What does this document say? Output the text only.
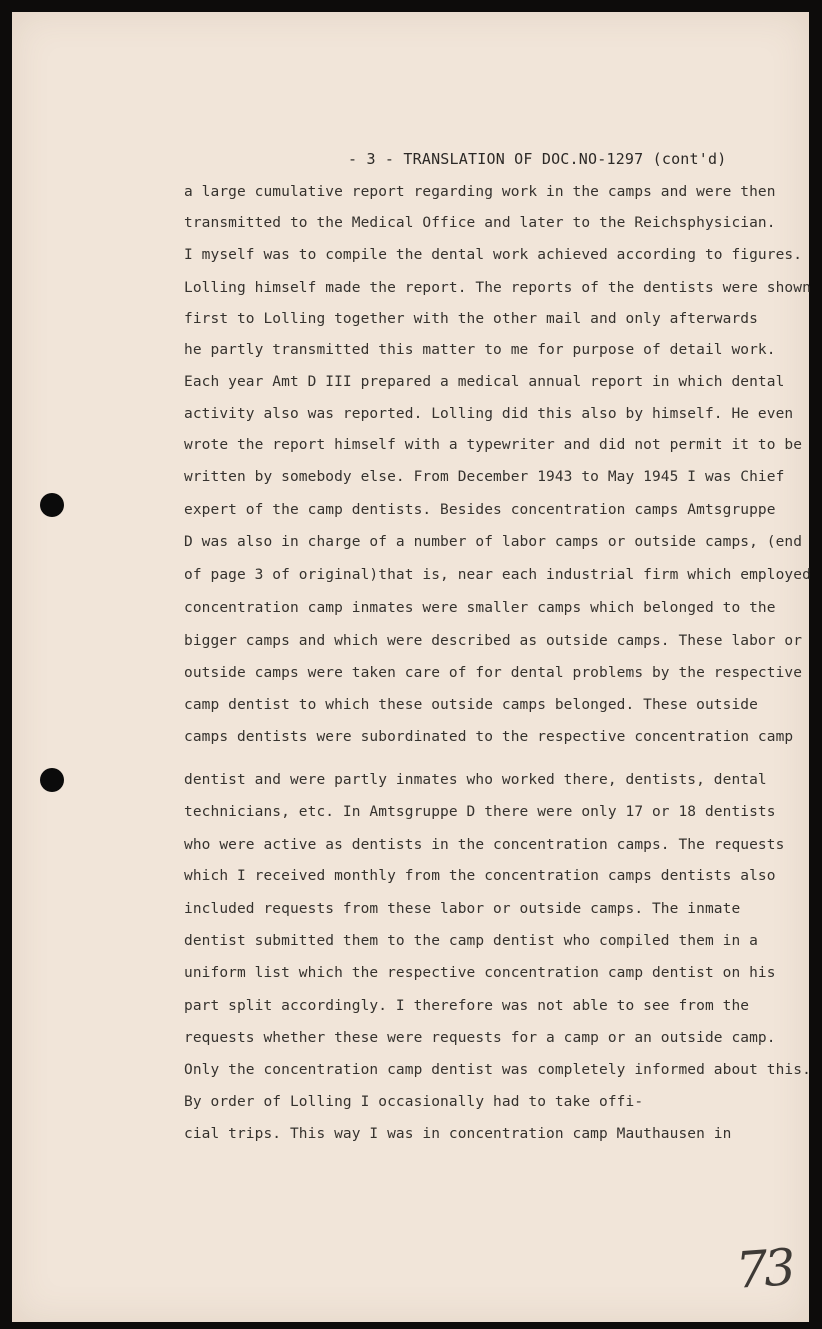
- 3 - TRANSLATION OF DOC.NO-1297 (cont'd)
a large cumulative report regarding work in the camps and were then
transmitted to the Medical Office and later to the Reichsphysician.
I myself was to compile the dental work achieved according to figures.
Lolling himself made the report. The reports of the dentists were shown
first to Lolling together with the other mail and only afterwards
he partly transmitted this matter to me for purpose of detail work.
Each year Amt D III prepared a medical annual report in which dental
activity also was reported. Lolling did this also by himself. He even
wrote the report himself with a typewriter and did not permit it to be
written by somebody else. From December 1943 to May 1945 I was Chief
expert of the camp dentists. Besides concentration camps Amtsgruppe
D was also in charge of a number of labor camps or outside camps, (end
of page 3 of original)that is, near each industrial firm which employed
concentration camp inmates were smaller camps which belonged to the
bigger camps and which were described as outside camps. These labor or
outside camps were taken care of for dental problems by the respective
camp dentist to which these outside camps belonged. These outside
camps dentists were subordinated to the respective concentration camp
dentist and were partly inmates who worked there, dentists, dental
technicians, etc. In Amtsgruppe D there were only 17 or 18 dentists
who were active as dentists in the concentration camps. The requests
which I received monthly from the concentration camps dentists also
included requests from these labor or outside camps. The inmate
dentist submitted them to the camp dentist who compiled them in a
uniform list which the respective concentration camp dentist on his
part split accordingly. I therefore was not able to see from the
requests whether these were requests for a camp or an outside camp.
Only the concentration camp dentist was completely informed about this.
By order of Lolling I occasionally had to take offi-
cial trips. This way I was in concentration camp Mauthausen in
73
